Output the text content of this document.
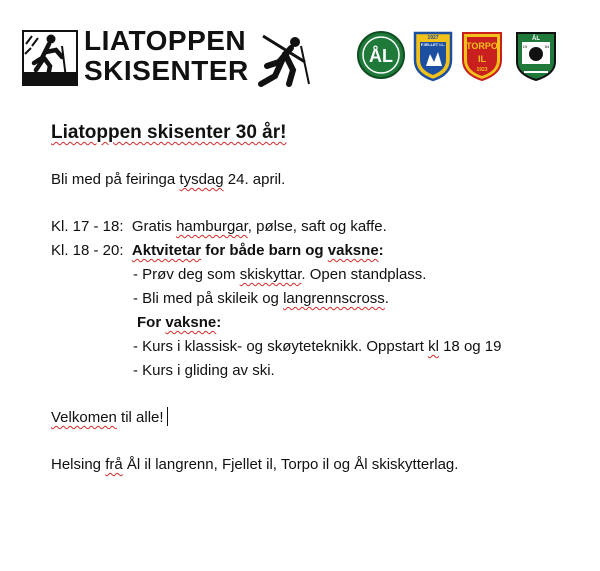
LIATOPPEN
SKISENTER	ÅL
1927
FJELLET I.L. TORPO
IL
1923
ÅL
19	84

Liatoppen skisenter 30 år!

Bli med på feiringa tysdag 24. april.

Kl. 17 - 18: Gratis hamburgar, pølse, saft og kaffe.

Kl. 18 - 20: Aktvitetar for både barn og vaksne:

- Prøv deg som skiskyttar. Open standplass.

- Bli med på skileik og langrennscross.

For vaksne:

- Kurs i klassisk- og skøyteteknikk. Oppstart kl 18 og 19

- Kurs i gliding av ski.

Velkomen til alle!

Helsing frå Ål il langrenn, Fjellet il, Torpo il og Ål skiskytterlag.
